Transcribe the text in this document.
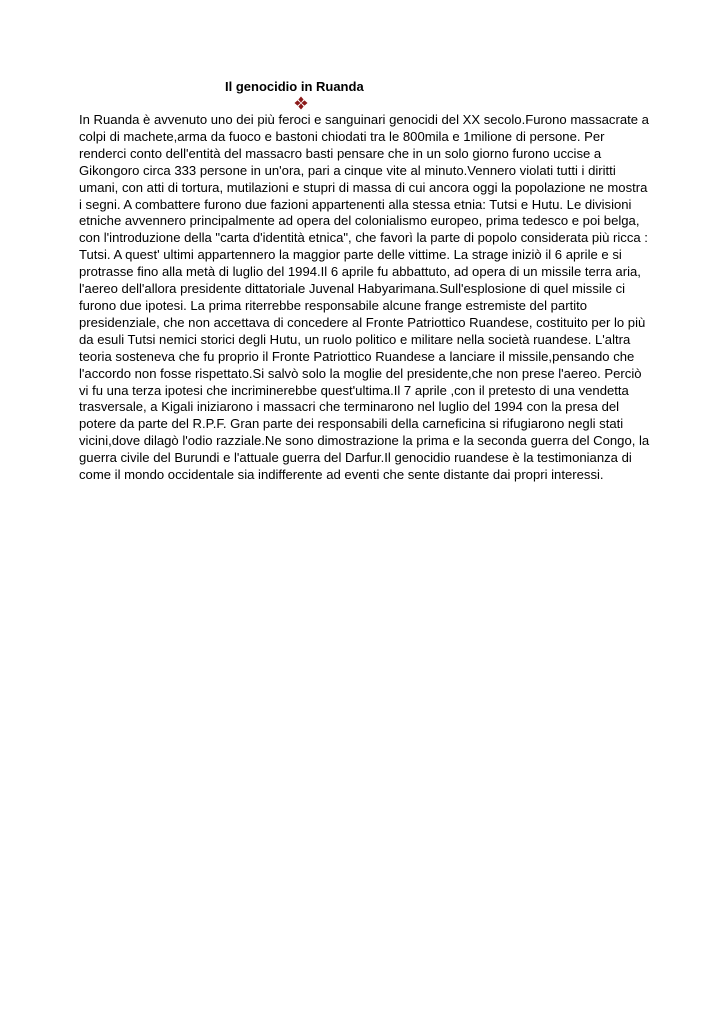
Il genocidio in Ruanda

In Ruanda è avvenuto uno dei più feroci e sanguinari genocidi del XX secolo.Furono massacrate a colpi di machete,arma da fuoco e bastoni chiodati tra le 800mila e 1milione di persone. Per renderci conto dell'entità del massacro basti pensare che in un solo giorno furono uccise a Gikongoro circa 333 persone in un'ora, pari a cinque vite al minuto.Vennero violati tutti i diritti umani, con atti di tortura, mutilazioni e stupri di massa di cui ancora oggi la popolazione ne mostra i segni. A combattere furono due fazioni appartenenti alla stessa etnia: Tutsi e Hutu. Le divisioni etniche avvennero principalmente ad opera del colonialismo europeo, prima tedesco e poi belga, con l'introduzione della "carta d'identità etnica", che favorì la parte di popolo considerata più ricca : Tutsi. A quest' ultimi appartennero la maggior parte delle vittime. La strage iniziò il 6 aprile e si protrasse fino alla metà di luglio del 1994.Il 6 aprile fu abbattuto, ad opera di un missile terra aria, l'aereo dell'allora presidente dittatoriale Juvenal Habyarimana.Sull'esplosione di quel missile ci furono due ipotesi. La prima riterrebbe responsabile alcune frange estremiste del partito presidenziale, che non accettava di concedere al Fronte Patriottico Ruandese, costituito per lo più da esuli Tutsi nemici storici degli Hutu, un ruolo politico e militare nella società ruandese. L'altra teoria sosteneva che fu proprio il Fronte Patriottico Ruandese a lanciare il missile,pensando che l'accordo non fosse rispettato.Si salvò solo la moglie del presidente,che non prese l'aereo. Perciò vi fu una terza ipotesi che incriminerebbe quest'ultima.Il 7 aprile ,con il pretesto di una vendetta trasversale, a Kigali iniziarono i massacri che terminarono nel luglio del 1994 con la presa del potere da parte del R.P.F. Gran parte dei responsabili della carneficina si rifugiarono negli stati vicini,dove dilagò l'odio razziale.Ne sono dimostrazione la prima e la seconda guerra del Congo, la guerra civile del Burundi e l'attuale guerra del Darfur.Il genocidio ruandese è la testimonianza di come il mondo occidentale sia indifferente ad eventi che sente distante dai propri interessi.
